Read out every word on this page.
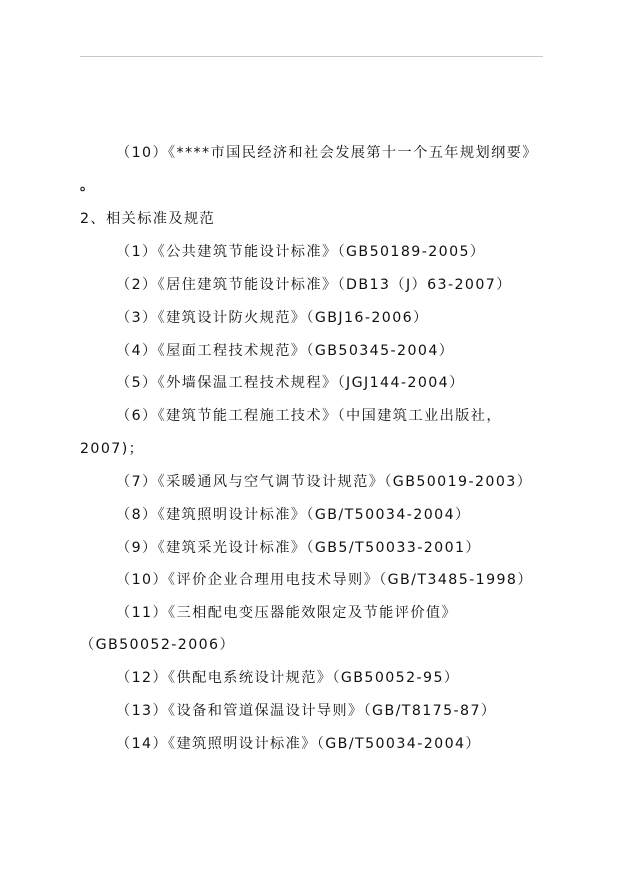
（10）《****市国民经济和社会发展第十一个五年规划纲要》
。
2、相关标准及规范
（1）《公共建筑节能设计标准》（GB50189-2005）
（2）《居住建筑节能设计标准》（DB13（J）63-2007）
（3）《建筑设计防火规范》（GBJ16-2006）
（4）《屋面工程技术规范》（GB50345-2004）
（5）《外墙保温工程技术规程》（JGJ144-2004）
（6）《建筑节能工程施工技术》（中国建筑工业出版社，
2007)；
（7）《采暖通风与空气调节设计规范》（GB50019-2003）
（8）《建筑照明设计标准》（GB/T50034-2004）
（9）《建筑采光设计标准》（GB5/T50033-2001）
（10）《评价企业合理用电技术导则》（GB/T3485-1998）
（11）《三相配电变压器能效限定及节能评价值》
（GB50052-2006）
（12）《供配电系统设计规范》（GB50052-95）
（13）《设备和管道保温设计导则》（GB/T8175-87）
（14）《建筑照明设计标准》（GB/T50034-2004）
